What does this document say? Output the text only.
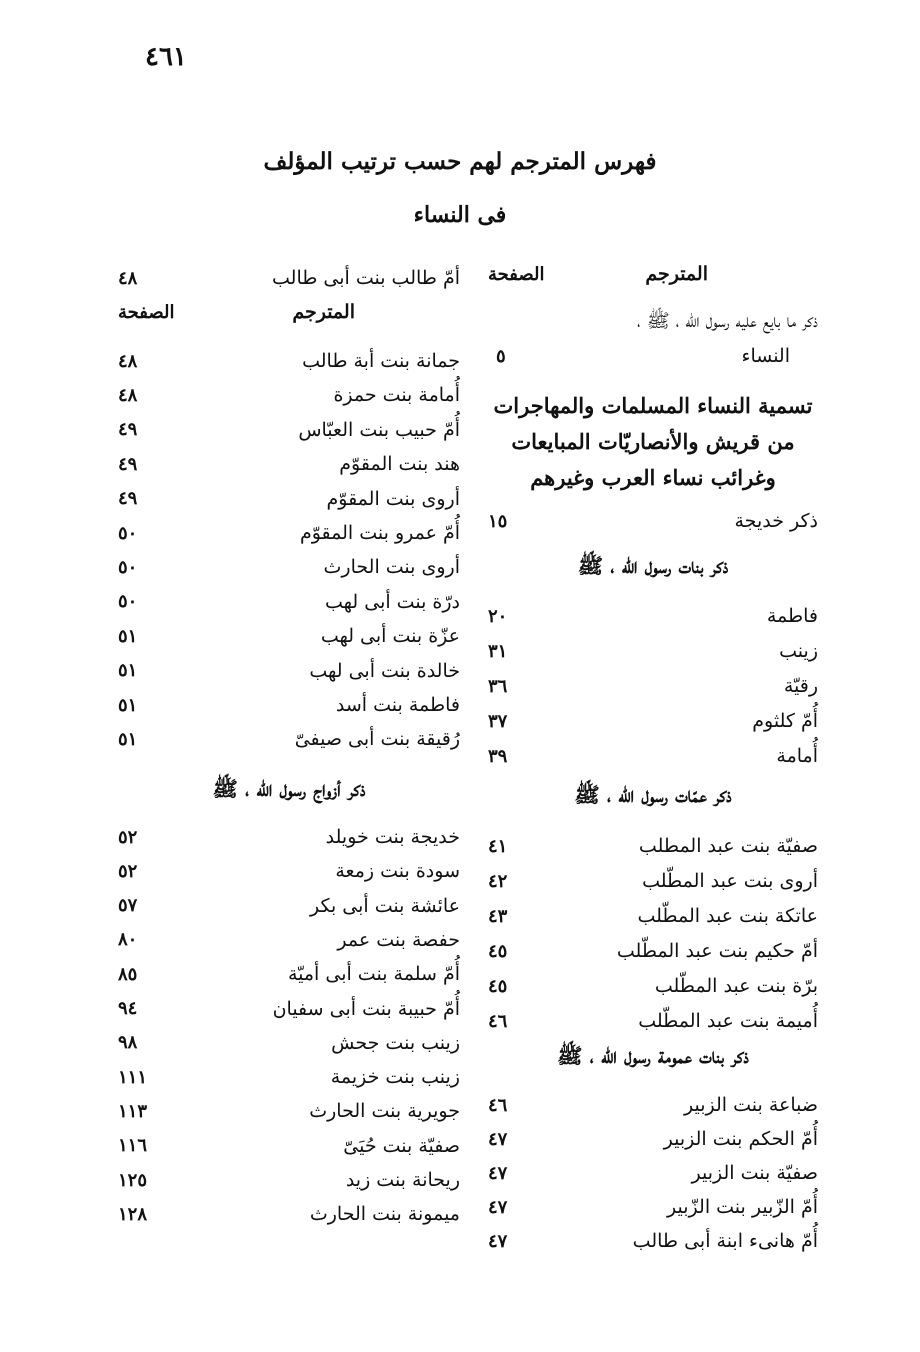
٤٦١
فهرس المترجم لهم حسب ترتيب المؤلف
فى النساء
المترجم
الصفحة
ذكر ما بايع عليه رسول الله ، ﷺ ،
النساء
٥
تسمية النساء المسلمات والمهاجرات
من قريش والأنصاريّات المبايعات
وغرائب نساء العرب وغيرهم
ذكر خديجة
١٥
ذكر بنات رسول الله ، ﷺ
فاطمة
٢٠
زينب
٣١
رقيّة
٣٦
أُمّ كلثوم
٣٧
أُمامة
٣٩
ذكر عمّات رسول الله ، ﷺ
صفيّة بنت عبد المطلب
٤١
أروى بنت عبد المطّلب
٤٢
عاتكة بنت عبد المطّلب
٤٣
أمّ حكيم بنت عبد المطّلب
٤٥
برّة بنت عبد المطّلب
٤٥
أُميمة بنت عبد المطّلب
٤٦
ذكر بنات عمومة رسول الله ، ﷺ
ضباعة بنت الزبير
٤٦
أُمّ الحكم بنت الزبير
٤٧
صفيّة بنت الزبير
٤٧
أُمّ الزّبير بنت الزّبير
٤٧
أُمّ هانىء ابنة أبى طالب
٤٧
أمّ طالب بنت أبى طالب
٤٨
المترجم
الصفحة
جمانة بنت أبة طالب
٤٨
أُمامة بنت حمزة
٤٨
أُمّ حبيب بنت العبّاس
٤٩
هند بنت المقوّم
٤٩
أروى بنت المقوّم
٤٩
أُمّ عمرو بنت المقوّم
٥٠
أروى بنت الحارث
٥٠
درّة بنت أبى لهب
٥٠
عزّة بنت أبى لهب
٥١
خالدة بنت أبى لهب
٥١
فاطمة بنت أسد
٥١
رُقيقة بنت أبى صيفىّ
٥١
ذكر أزواج رسول الله ، ﷺ
خديجة بنت خويلد
٥٢
سودة بنت زمعة
٥٢
عائشة بنت أبى بكر
٥٧
حفصة بنت عمر
٨٠
أُمّ سلمة بنت أبى أميّة
٨٥
أُمّ حبيبة بنت أبى سفيان
٩٤
زينب بنت جحش
٩٨
زينب بنت خزيمة
١١١
جويرية بنت الحارث
١١٣
صفيّة بنت حُيَىّ
١١٦
ريحانة بنت زيد
١٢٥
ميمونة بنت الحارث
١٢٨
